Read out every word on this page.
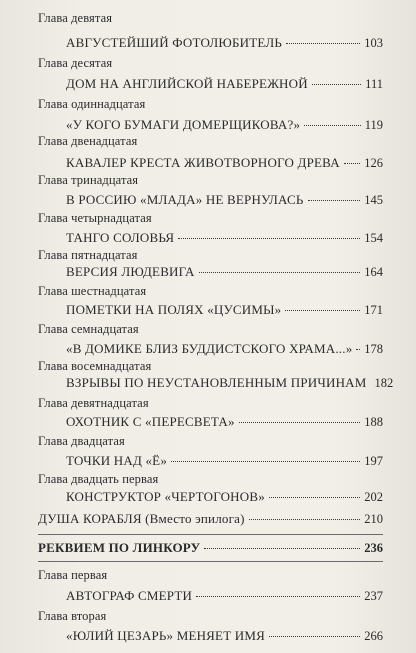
Глава девятая
АВГУСТЕЙШИЙ ФОТОЛЮБИТЕЛЬ	103
Глава десятая
ДОМ НА АНГЛИЙСКОЙ НАБЕРЕЖНОЙ	111
Глава одиннадцатая
«У КОГО БУМАГИ ДОМЕРЩИКОВА?»	119
Глава двенадцатая
КАВАЛЕР КРЕСТА ЖИВОТВОРНОГО ДРЕВА 126
Глава тринадцатая
В РОССИЮ «МЛАДА» НЕ ВЕРНУЛАСЬ	145
Глава четырнадцатая
ТАНГО СОЛОВЬЯ	154
Глава пятнадцатая
ВЕРСИЯ ЛЮДЕВИГА	164
Глава шестнадцатая
ПОМЕТКИ НА ПОЛЯХ «ЦУСИМЫ»	171
Глава семнадцатая
«В ДОМИКЕ БЛИЗ БУДДИСТСКОГО ХРАМА...» 178
Глава восемнадцатая
ВЗРЫВЫ ПО НЕУСТАНОВЛЕННЫМ ПРИЧИНАМ 182
Глава девятнадцатая
ОХОТНИК С «ПЕРЕСВЕТА»	188
Глава двадцатая
ТОЧКИ НАД «Ё»	197
Глава двадцать первая
КОНСТРУКТОР «ЧЕРТОГОНОВ»	202
ДУША КОРАБЛЯ (Вместо эпилога)	210
РЕКВИЕМ ПО ЛИНКОРУ	236
Глава первая
АВТОГРАФ СМЕРТИ	237
Глава вторая
«ЮЛИЙ ЦЕЗАРЬ» МЕНЯЕТ ИМЯ	266
